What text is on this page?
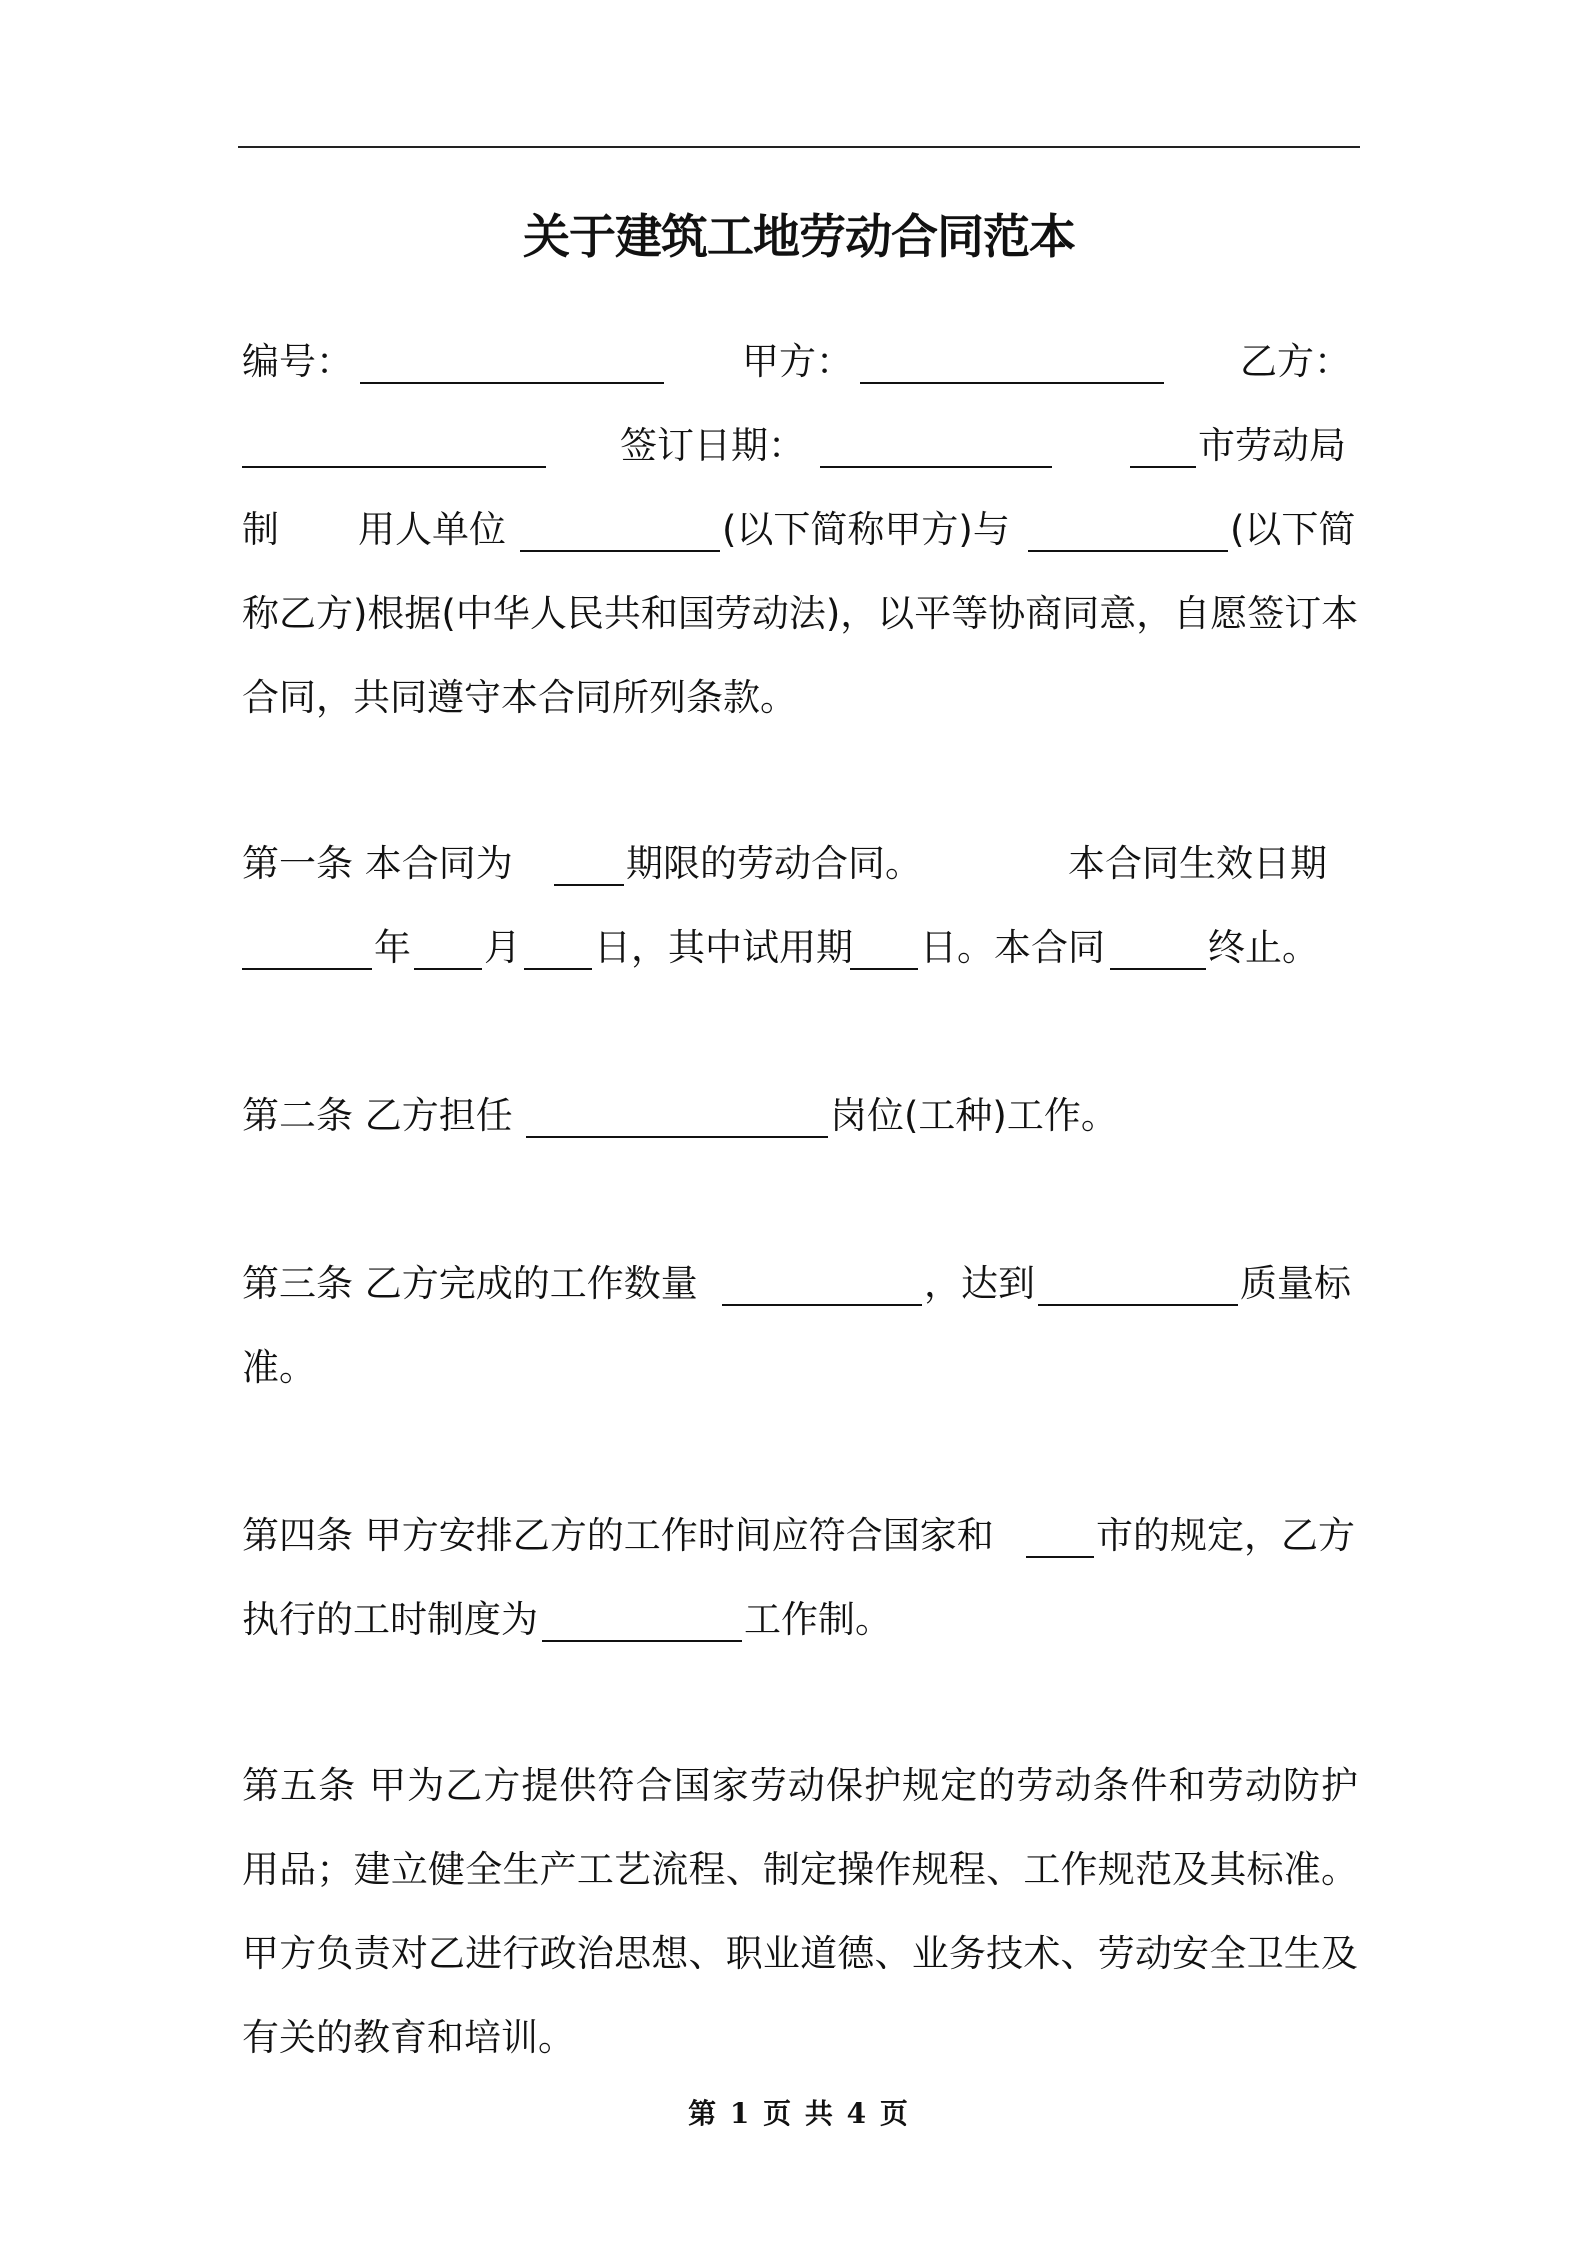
关于建筑工地劳动合同范本
编号：	甲方：	乙方：
签订日期：	市劳动局
制 用人单位	(以下简称甲方)与	(以下简
称乙方)根据(中华人民共和国劳动法)，以平等协商同意，自愿签订本
合同，共同遵守本合同所列条款。
第一条 本合同为	期限的劳动合同。	本合同生效日期
年 月 日，其中试用期 日。本合同	终止。
第二条 乙方担任	岗位(工种)工作。
第三条 乙方完成的工作数量	，达到	质量标
准。
第四条 甲方安排乙方的工作时间应符合国家和	市的规定，乙方
执行的工时制度为	工作制。
第五条 甲为乙方提供符合国家劳动保护规定的劳动条件和劳动防护
用品；建立健全生产工艺流程、制定操作规程、工作规范及其标准。
甲方负责对乙进行政治思想、职业道德、业务技术、劳动安全卫生及
有关的教育和培训。
第 1 页 共 4 页
